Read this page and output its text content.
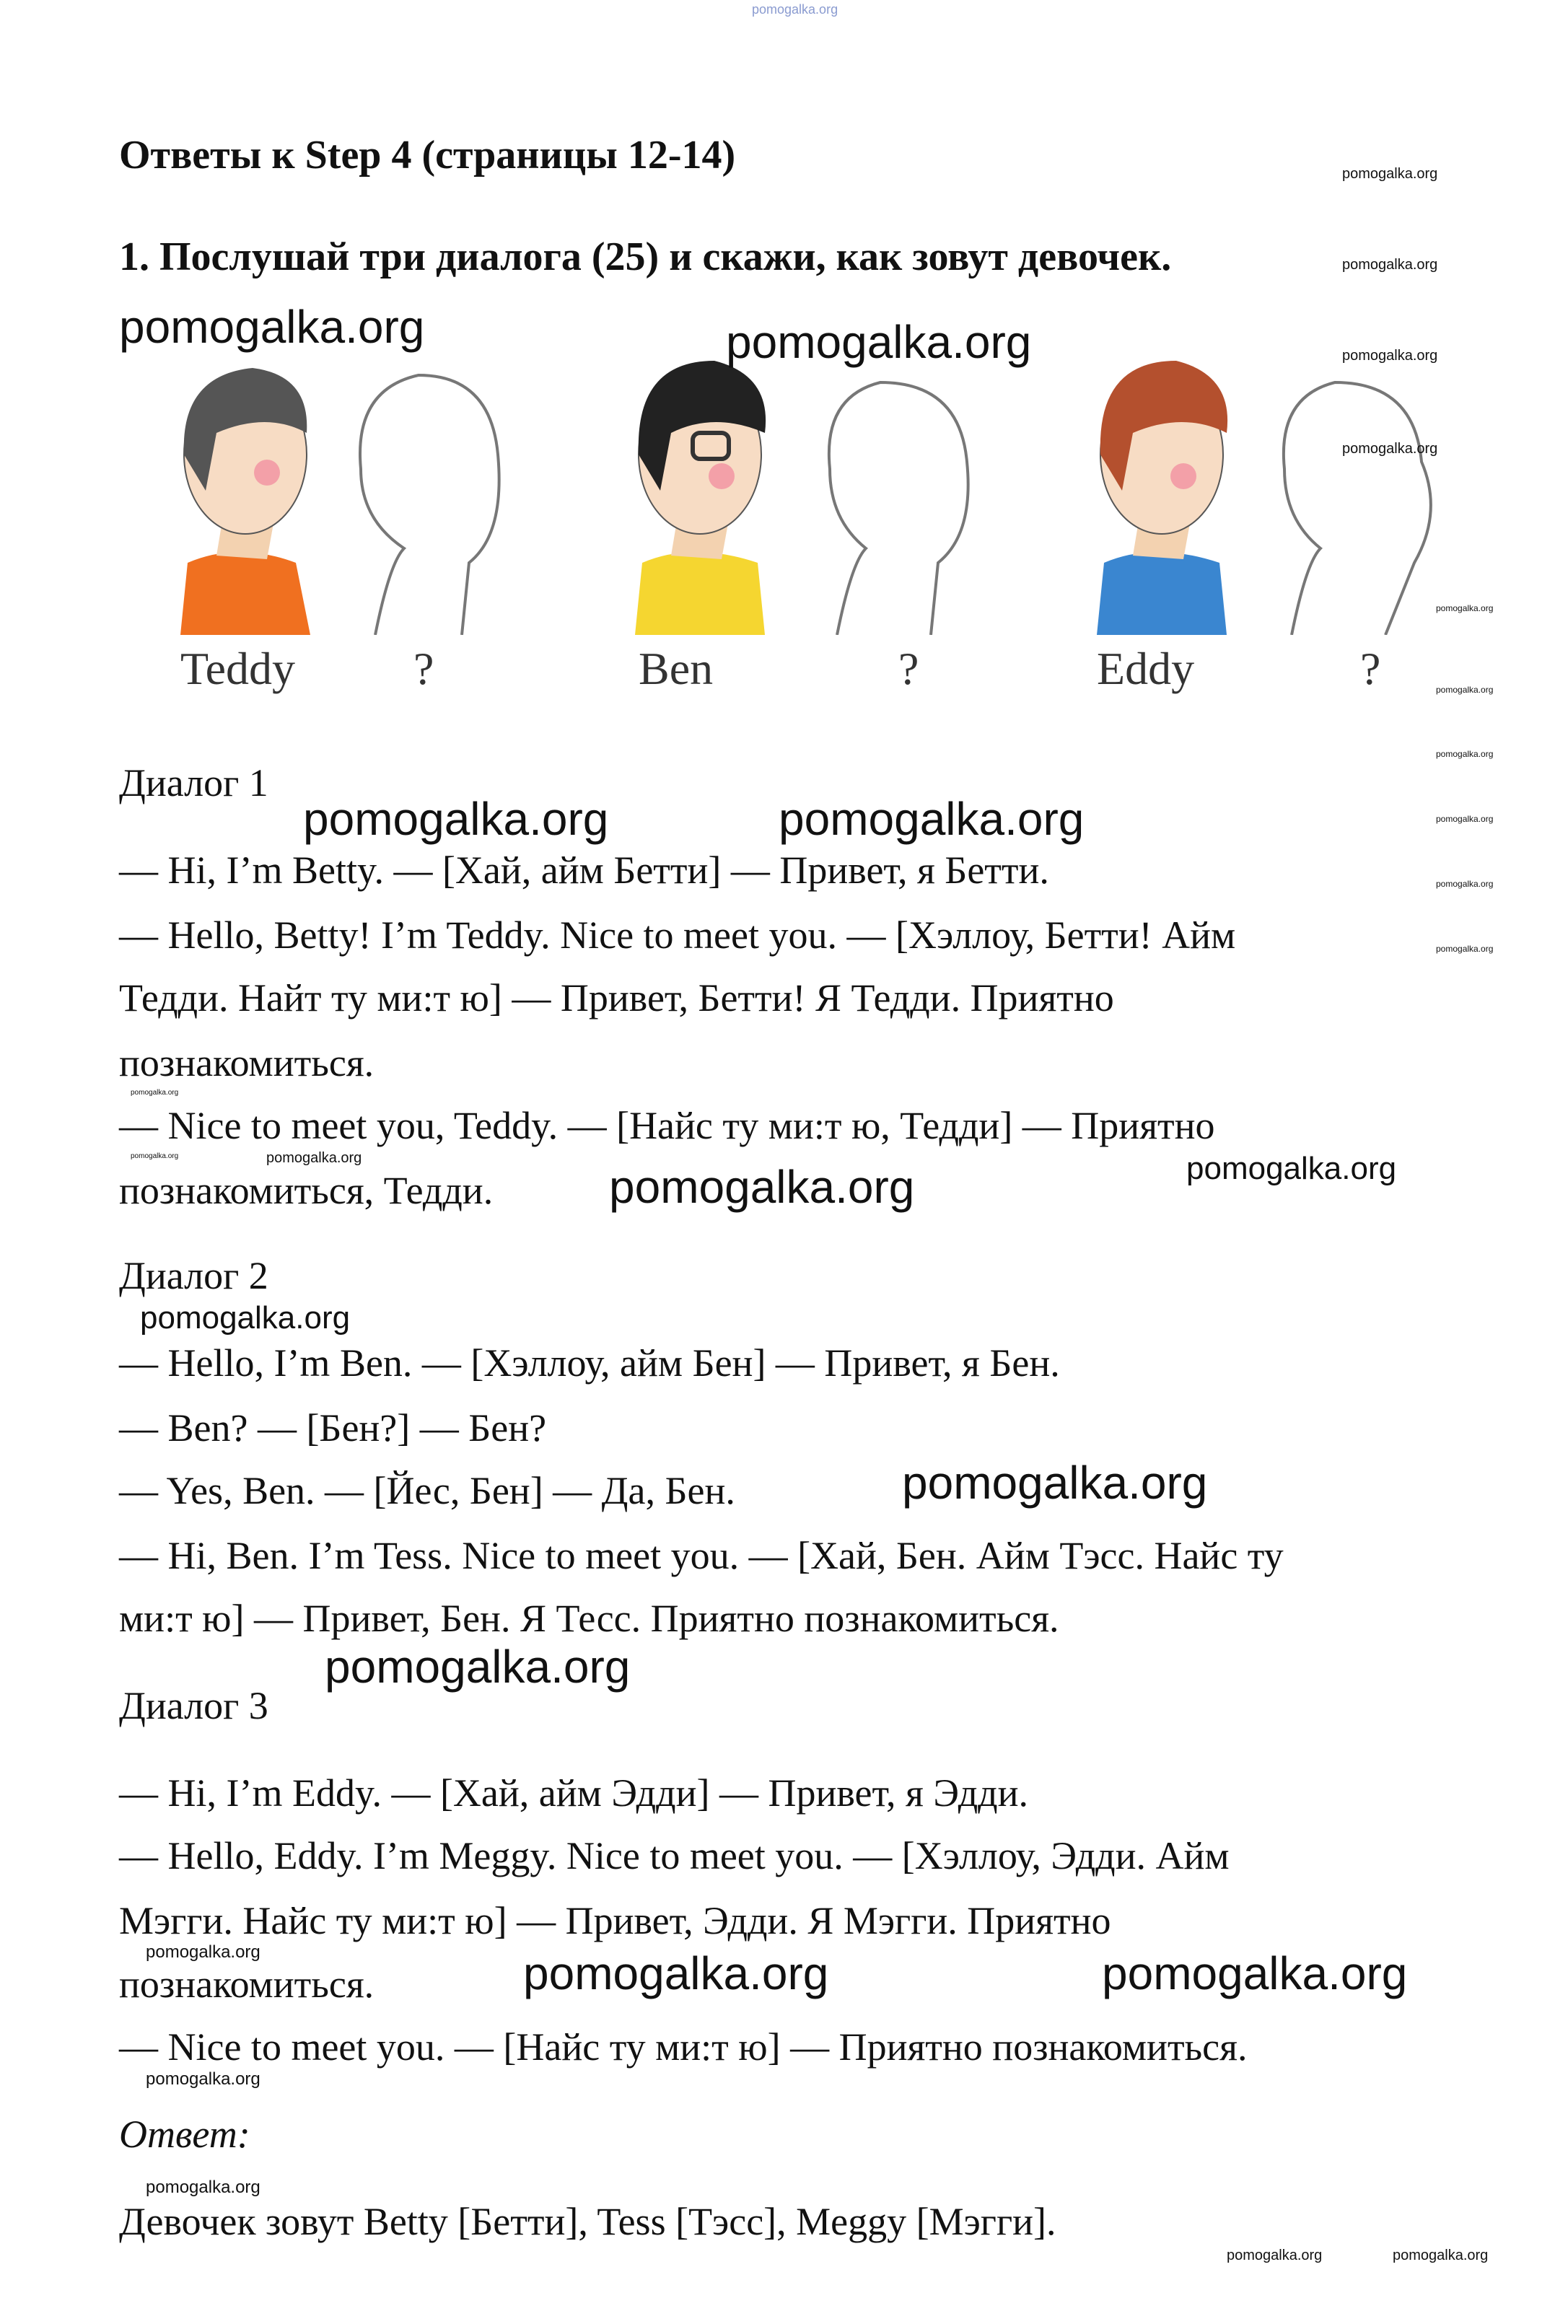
pomogalka.org
Ответы к Step 4 (страницы 12-14)
1. Послушай три диалога (25) и скажи, как зовут девочек.
Teddy	?	Ben	?	Eddy	?
Диалог 1
— Hi, I’m Betty. — [Хай, айм Бетти] — Привет, я Бетти.
— Hello, Betty! I’m Teddy. Nice to meet you. — [Хэллоу, Бетти! Айм
Тедди. Найт ту ми:т ю] — Привет, Бетти! Я Тедди. Приятно
познакомиться.
— Nice to meet you, Teddy. — [Найс ту ми:т ю, Тедди] — Приятно
познакомиться, Тедди.
Диалог 2
— Hello, I’m Ben. — [Хэллоу, айм Бен] — Привет, я Бен.
— Ben? — [Бен?] — Бен?
— Yes, Ben. — [Йес, Бен] — Да, Бен.
— Hi, Ben. I’m Tess. Nice to meet you. — [Хай, Бен. Айм Тэсс. Найс ту
ми:т ю] — Привет, Бен. Я Тесс. Приятно познакомиться.
Диалог 3
— Hi, I’m Eddy. — [Хай, айм Эдди] — Привет, я Эдди.
— Hello, Eddy. I’m Meggy. Nice to meet you. — [Хэллоу, Эдди. Айм
Мэгги. Найс ту ми:т ю] — Привет, Эдди. Я Мэгги. Приятно
познакомиться.
— Nice to meet you. — [Найс ту ми:т ю] — Приятно познакомиться.
Ответ:
Девочек зовут Betty [Бетти], Tess [Тэсс], Meggy [Мэгги].
pomogalka.org	pomogalka.org
pomogalka.org	pomogalka.org
pomogalka.org	pomogalka.org
pomogalka.org
pomogalka.org
pomogalka.org
pomogalka.org	pomogalka.org
pomogalka.org
pomogalka.org
pomogalka.org
pomogalka.org
pomogalka.org
pomogalka.org
pomogalka.org
pomogalka.org
pomogalka.org
pomogalka.org
pomogalka.org
pomogalka.org	pomogalka.org
pomogalka.org
pomogalka.org
pomogalka.org
pomogalka.org	pomogalka.org
